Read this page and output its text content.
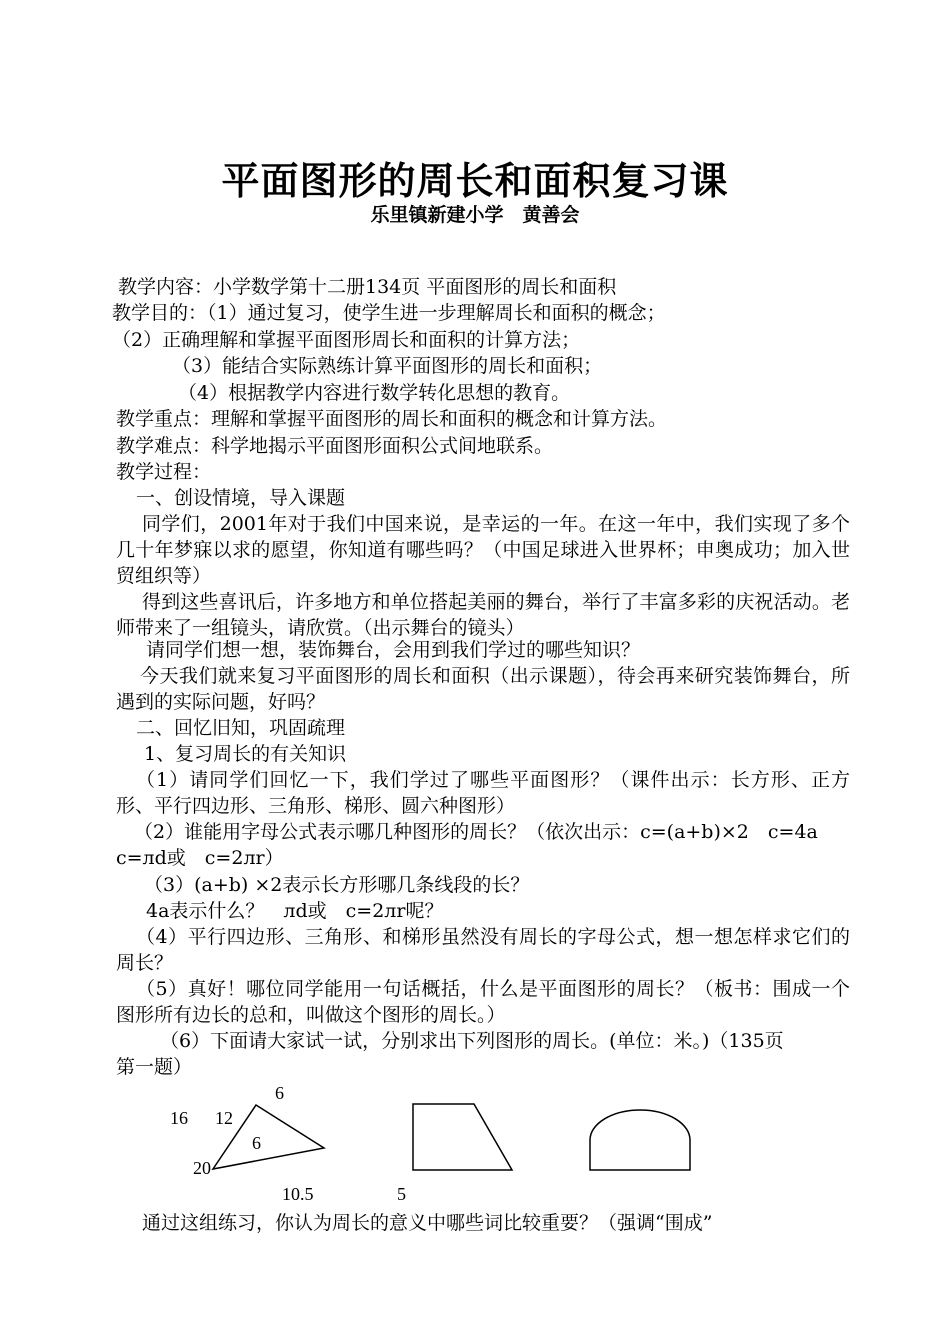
平面图形的周长和面积复习课

乐里镇新建小学　黄善会

教学内容：小学数学第十二册134页 平面图形的周长和面积

教学目的：（1）通过复习，使学生进一步理解周长和面积的概念；

（2）正确理解和掌握平面图形周长和面积的计算方法；

（3）能结合实际熟练计算平面图形的周长和面积；

（4）根据教学内容进行数学转化思想的教育。

教学重点：理解和掌握平面图形的周长和面积的概念和计算方法。

教学难点：科学地揭示平面图形面积公式间地联系。

教学过程：

一、创设情境，导入课题

同学们，2001年对于我们中国来说，是幸运的一年。在这一年中，我们实现了多个几十年梦寐以求的愿望，你知道有哪些吗？（中国足球进入世界杯；申奥成功；加入世贸组织等）

得到这些喜讯后，许多地方和单位搭起美丽的舞台，举行了丰富多彩的庆祝活动。老师带来了一组镜头，请欣赏。（出示舞台的镜头）

请同学们想一想，装饰舞台，会用到我们学过的哪些知识？

今天我们就来复习平面图形的周长和面积（出示课题），待会再来研究装饰舞台，所遇到的实际问题，好吗？

二、回忆旧知，巩固疏理

1、复习周长的有关知识

（1）请同学们回忆一下，我们学过了哪些平面图形？（课件出示：长方形、正方形、平行四边形、三角形、梯形、圆六种图形）

（2）谁能用字母公式表示哪几种图形的周长？（依次出示：c=(a+b)×2　c=4a

c=лd或　c=2лr）

（3）(a+b) ×2表示长方形哪几条线段的长？

4a表示什么？　лd或　c=2лr呢？

（4）平行四边形、三角形、和梯形虽然没有周长的字母公式，想一想怎样求它们的周长？

（5）真好！哪位同学能用一句话概括，什么是平面图形的周长？（板书：围成一个图形所有边长的总和，叫做这个图形的周长。）

（6）下面请大家试一试，分别求出下列图形的周长。(单位：米。)（135页

第一题）

6
16 12
6
20
10.5	5

通过这组练习，你认为周长的意义中哪些词比较重要？（强调“围成”
